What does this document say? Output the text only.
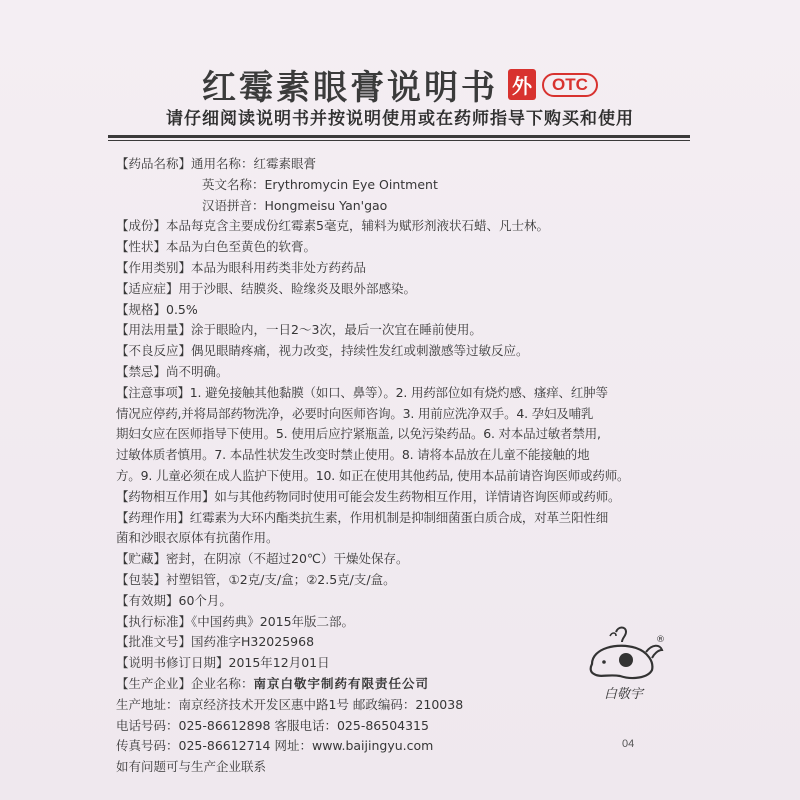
红霉素眼膏说明书 外	OTC
请仔细阅读说明书并按说明使用或在药师指导下购买和使用
【药品名称】通用名称：红霉素眼膏
英文名称：Erythromycin Eye Ointment
汉语拼音：Hongmeisu Yan'gao
【成份】本品每克含主要成份红霉素5毫克，辅料为赋形剂液状石蜡、凡士林。
【性状】本品为白色至黄色的软膏。
【作用类别】本品为眼科用药类非处方药药品
【适应症】用于沙眼、结膜炎、睑缘炎及眼外部感染。
【规格】0.5%
【用法用量】涂于眼睑内，一日2～3次，最后一次宜在睡前使用。
【不良反应】偶见眼睛疼痛，视力改变，持续性发红或刺激感等过敏反应。
【禁忌】尚不明确。
【注意事项】1. 避免接触其他黏膜（如口、鼻等）。2. 用药部位如有烧灼感、瘙痒、红肿等
情况应停药,并将局部药物洗净，必要时向医师咨询。3. 用前应洗净双手。4. 孕妇及哺乳
期妇女应在医师指导下使用。5. 使用后应拧紧瓶盖, 以免污染药品。6. 对本品过敏者禁用,
过敏体质者慎用。7. 本品性状发生改变时禁止使用。8. 请将本品放在儿童不能接触的地
方。9. 儿童必须在成人监护下使用。10. 如正在使用其他药品, 使用本品前请咨询医师或药师。
【药物相互作用】如与其他药物同时使用可能会发生药物相互作用，详情请咨询医师或药师。
【药理作用】红霉素为大环内酯类抗生素，作用机制是抑制细菌蛋白质合成，对革兰阳性细
菌和沙眼衣原体有抗菌作用。
【贮藏】密封，在阴凉（不超过20℃）干燥处保存。
【包装】衬塑铝管，①2克/支/盒；②2.5克/支/盒。
【有效期】60个月。
【执行标准】《中国药典》2015年版二部。
【批准文号】国药准字H32025968
【说明书修订日期】2015年12月01日
【生产企业】企业名称：南京白敬宇制药有限责任公司
生产地址：南京经济技术开发区惠中路1号 邮政编码：210038
电话号码：025-86612898 客服电话：025-86504315
传真号码：025-86612714 网址：www.baijingyu.com
如有问题可与生产企业联系
®
白敬宇
04
